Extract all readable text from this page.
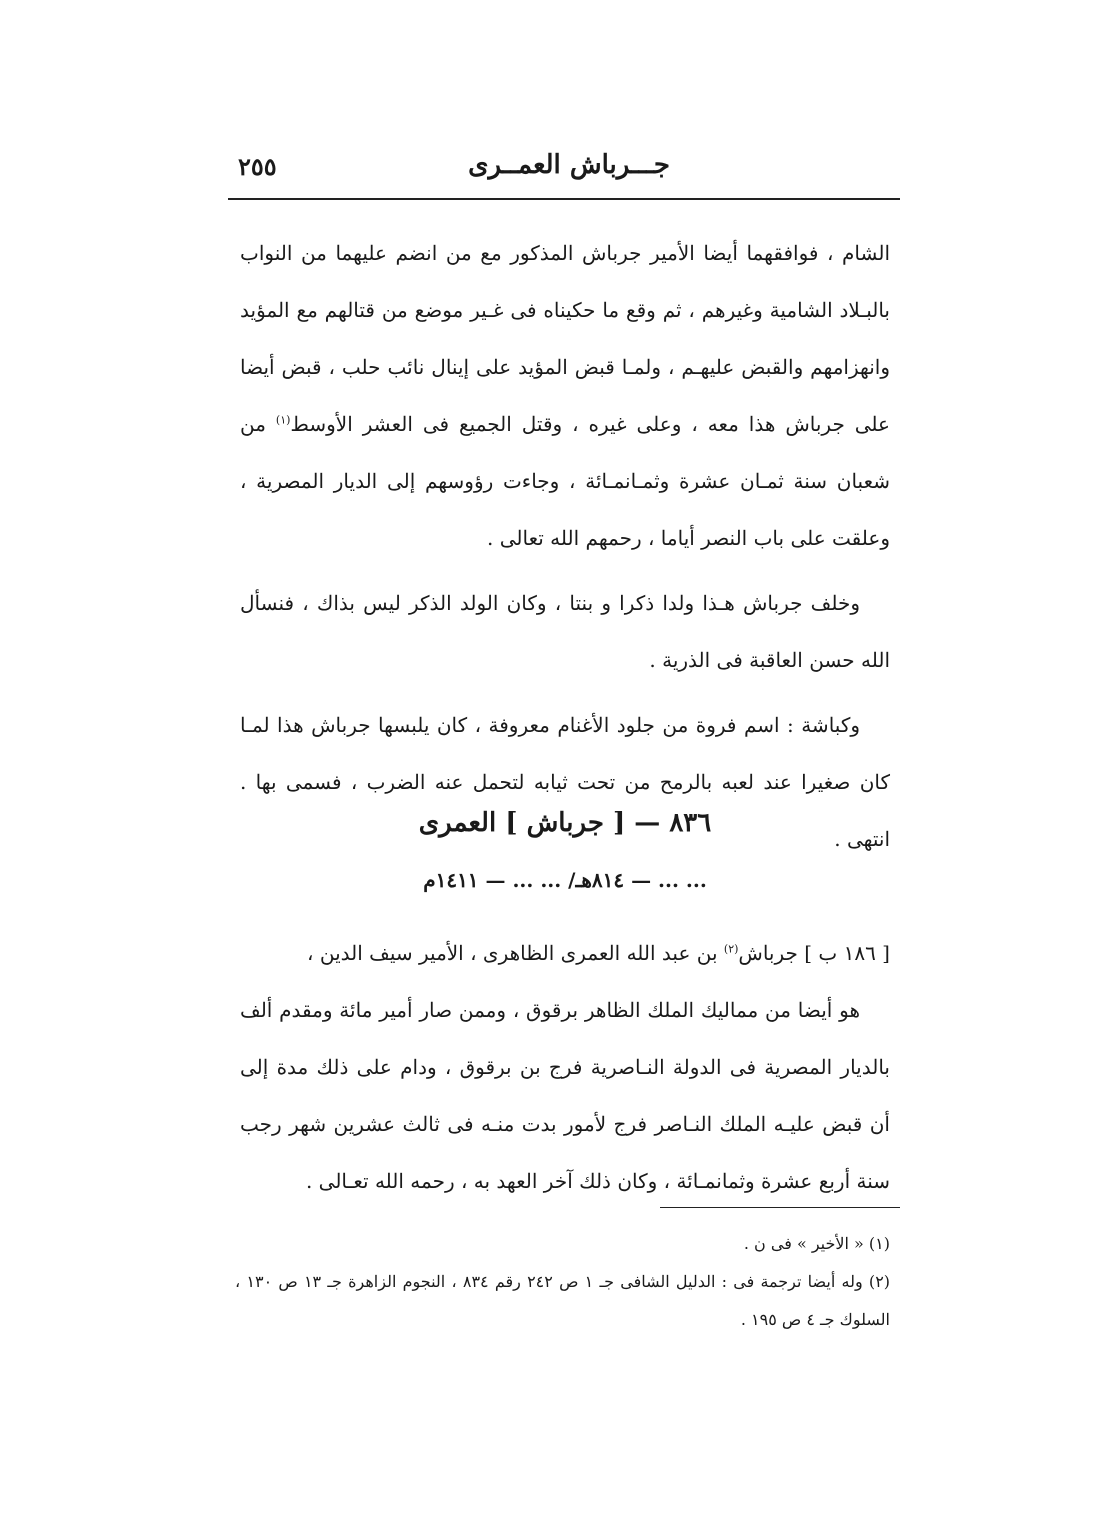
جـــرباش العمــرى
٢٥٥

الشام ، فوافقهما أيضا الأمير جرباش المذكور مع من انضم عليهما من النواب بالبـلاد الشامية وغيرهم ، ثم وقع ما حكيناه فى غـير موضع من قتالهم مع المؤيد وانهزامهم والقبض عليهـم ، ولمـا قبض المؤيد على إينال نائب حلب ، قبض أيضا على جرباش هذا معه ، وعلى غيره ، وقتل الجميع فى العشر الأوسط$^{(١)}$ من شعبان سنة ثمـان عشرة وثمـانمـائة ، وجاءت رؤوسهم إلى الديار المصرية ، وعلقت على باب النصر أياما ، رحمهم الله تعالى .

وخلف جرباش هـذا ولدا ذكرا و بنتا ، وكان الولد الذكر ليس بذاك ، فنسأل الله حسن العاقبة فى الذرية .

وكباشة : اسم فروة من جلود الأغنام معروفة ، كان يلبسها جرباش هذا لمـا كان صغيرا عند لعبه بالرمح من تحت ثيابه لتحمل عنه الضرب ، فسمى بها . انتهى .

٨٣٦ — [ جرباش ] العمرى
... ... — ٨١٤هـ/ ... ... — ١٤١١م

[ ١٨٦ ب ] جرباش$^{(٢)}$ بن عبد الله العمرى الظاهرى ، الأمير سيف الدين ،

هو أيضا من مماليك الملك الظاهر برقوق ، وممن صار أمير مائة ومقدم ألف بالديار المصرية فى الدولة النـاصرية فرج بن برقوق ، ودام على ذلك مدة إلى أن قبض عليـه الملك النـاصر فرج لأمور بدت منـه فى ثالث عشرين شهر رجب سنة أربع عشرة وثمانمـائة ، وكان ذلك آخر العهد به ، رحمه الله تعـالى .

(١) « الأخير » فى ن .

(٢) وله أيضا ترجمة فى : الدليل الشافى جـ ١ ص ٢٤٢ رقم ٨٣٤ ، النجوم الزاهرة جـ ١٣ ص ١٣٠ ، السلوك جـ ٤ ص ١٩٥ .
